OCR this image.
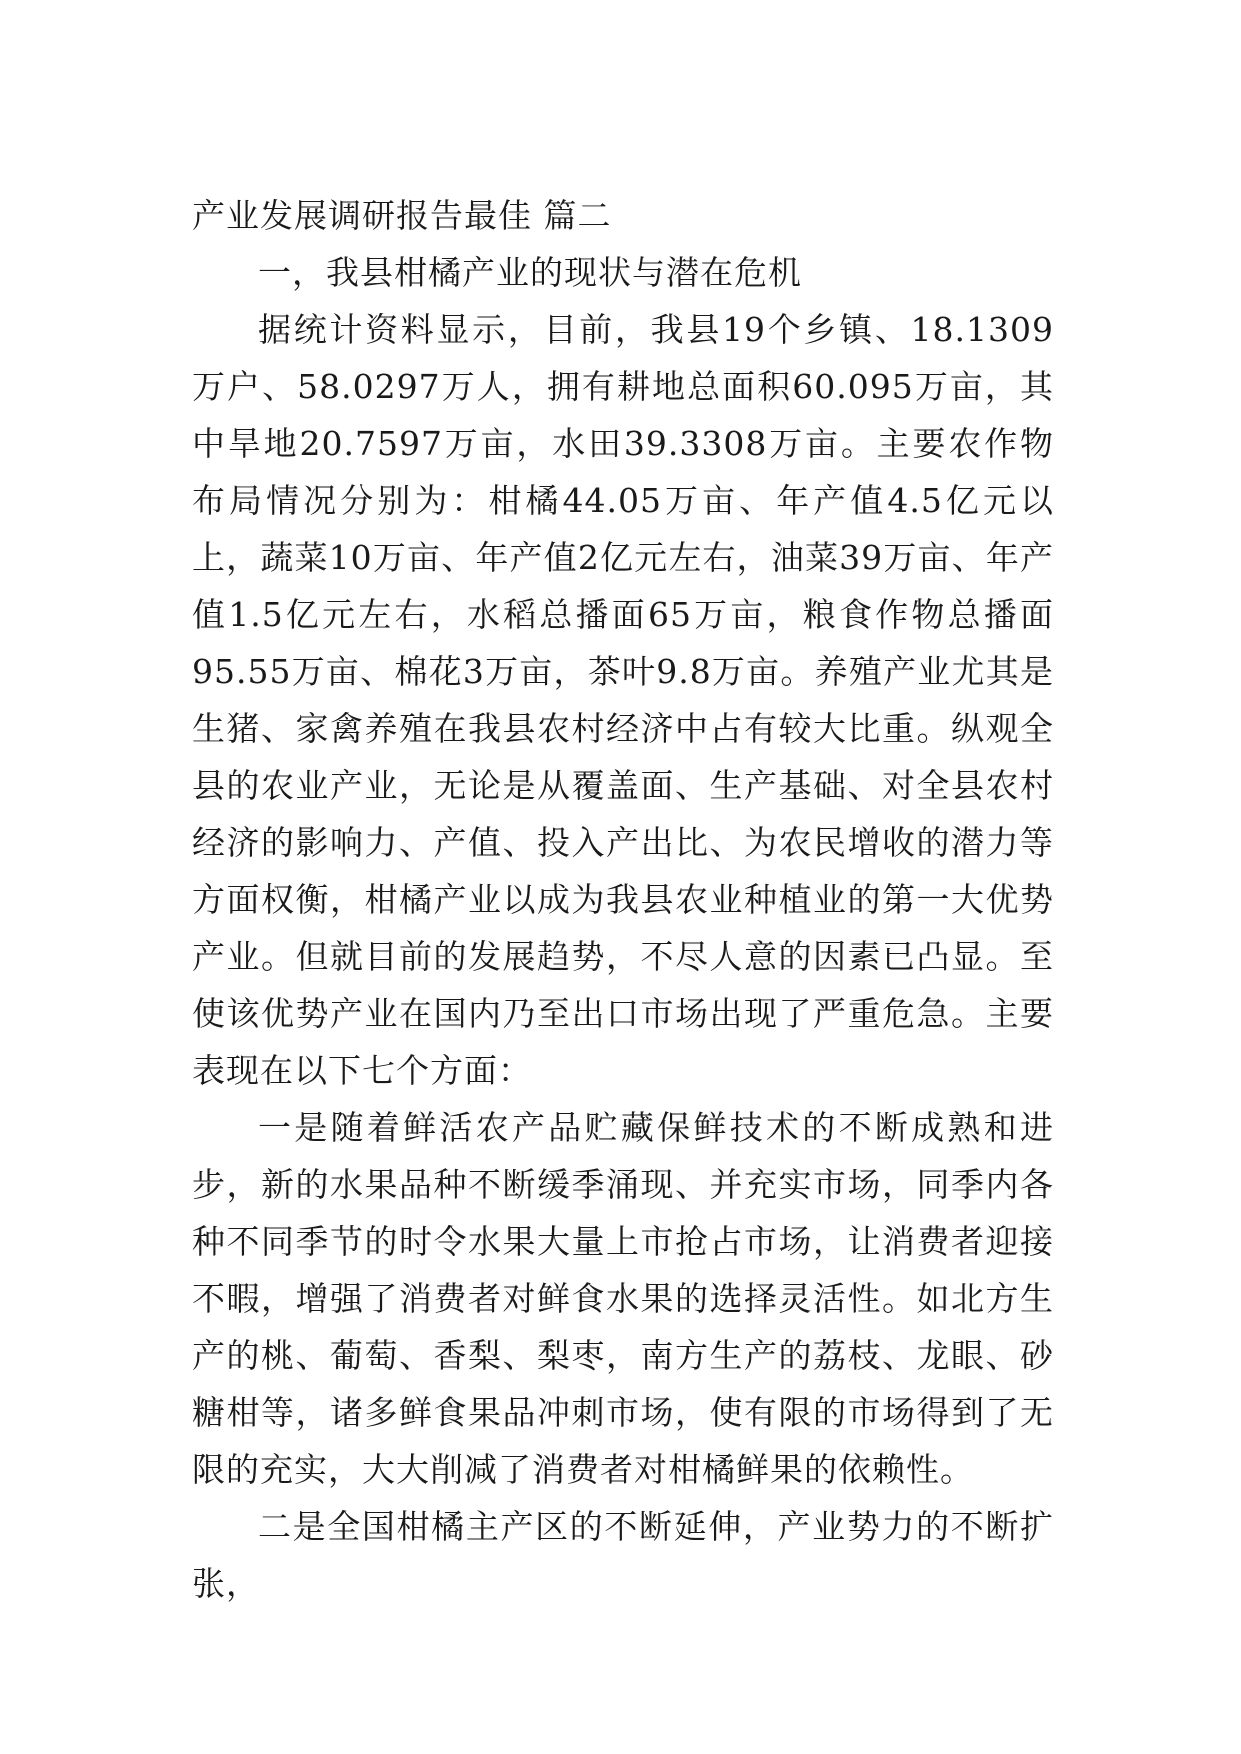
产业发展调研报告最佳 篇二
一，我县柑橘产业的现状与潜在危机

据统计资料显示，目前，我县19个乡镇、18.1309万户、58.0297万人，拥有耕地总面积60.095万亩，其中旱地20.7597万亩，水田39.3308万亩。主要农作物布局情况分别为：柑橘44.05万亩、年产值4.5亿元以上，蔬菜10万亩、年产值2亿元左右，油菜39万亩、年产值1.5亿元左右，水稻总播面65万亩，粮食作物总播面95.55万亩、棉花3万亩，茶叶9.8万亩。养殖产业尤其是生猪、家禽养殖在我县农村经济中占有较大比重。纵观全县的农业产业，无论是从覆盖面、生产基础、对全县农村经济的影响力、产值、投入产出比、为农民增收的潜力等方面权衡，柑橘产业以成为我县农业种植业的第一大优势产业。但就目前的发展趋势，不尽人意的因素已凸显。至使该优势产业在国内乃至出口市场出现了严重危急。主要表现在以下七个方面：

一是随着鲜活农产品贮藏保鲜技术的不断成熟和进步，新的水果品种不断缓季涌现、并充实市场，同季内各种不同季节的时令水果大量上市抢占市场，让消费者迎接不暇，增强了消费者对鲜食水果的选择灵活性。如北方生产的桃、葡萄、香梨、梨枣，南方生产的荔枝、龙眼、砂糖柑等，诸多鲜食果品冲刺市场，使有限的市场得到了无限的充实，大大削减了消费者对柑橘鲜果的依赖性。

二是全国柑橘主产区的不断延伸，产业势力的不断扩张，
